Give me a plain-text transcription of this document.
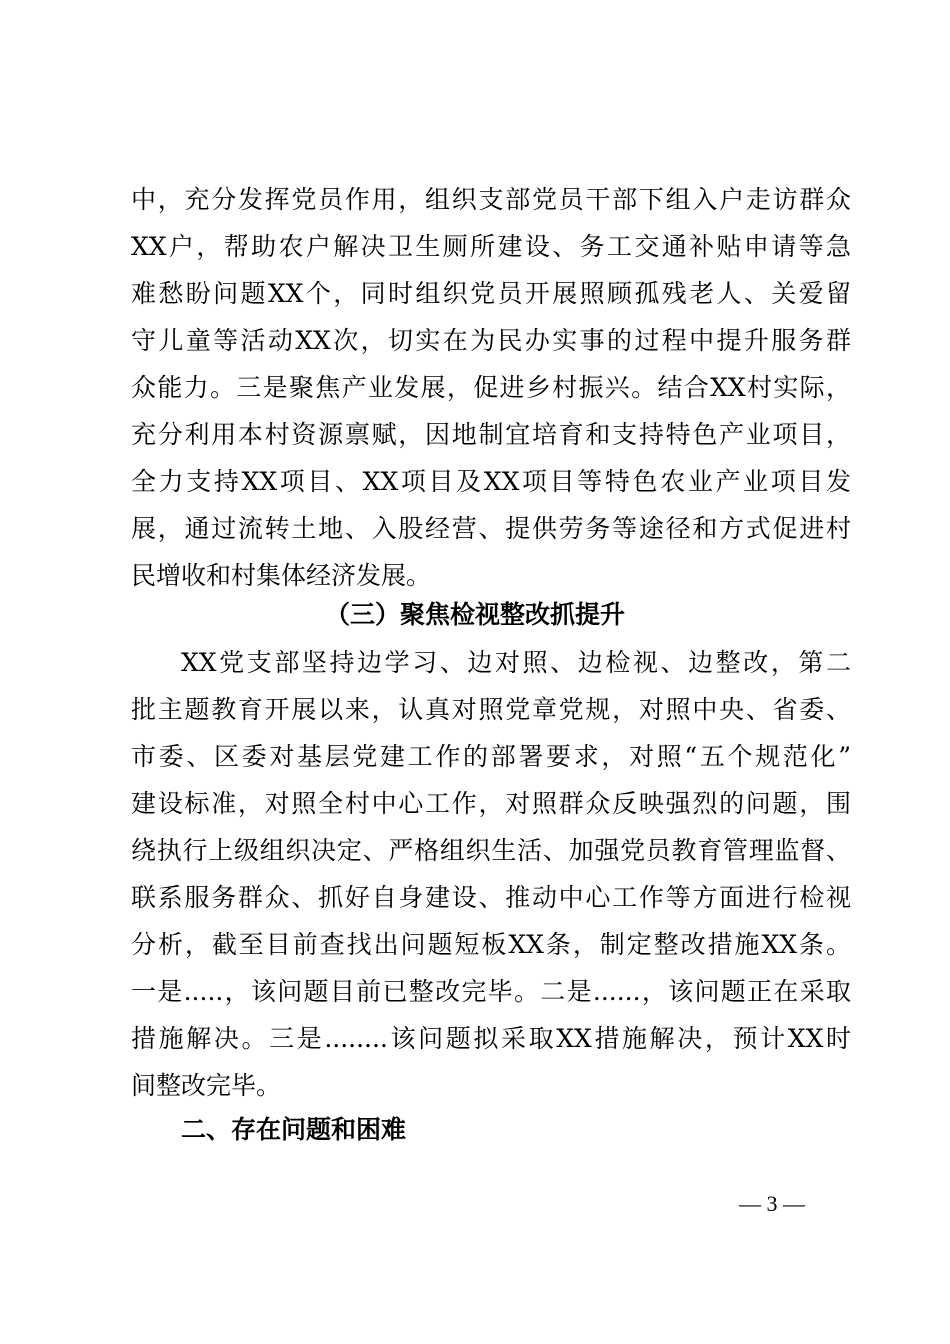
中，充分发挥党员作用，组织支部党员干部下组入户走访群众
XX户，帮助农户解决卫生厕所建设、务工交通补贴申请等急
难愁盼问题XX个，同时组织党员开展照顾孤残老人、关爱留
守儿童等活动XX次，切实在为民办实事的过程中提升服务群
众能力。三是聚焦产业发展，促进乡村振兴。结合XX村实际，
充分利用本村资源禀赋，因地制宜培育和支持特色产业项目，
全力支持XX项目、XX项目及XX项目等特色农业产业项目发
展，通过流转土地、入股经营、提供劳务等途径和方式促进村
民增收和村集体经济发展。
（三）聚焦检视整改抓提升
XX党支部坚持边学习、边对照、边检视、边整改，第二
批主题教育开展以来，认真对照党章党规，对照中央、省委、
市委、区委对基层党建工作的部署要求，对照“五个规范化”
建设标准，对照全村中心工作，对照群众反映强烈的问题，围
绕执行上级组织决定、严格组织生活、加强党员教育管理监督、
联系服务群众、抓好自身建设、推动中心工作等方面进行检视
分析，截至目前查找出问题短板XX条，制定整改措施XX条。
一是.....，该问题目前已整改完毕。二是......，该问题正在采取
措施解决。三是........该问题拟采取XX措施解决，预计XX时
间整改完毕。
二、存在问题和困难
— 3 —
